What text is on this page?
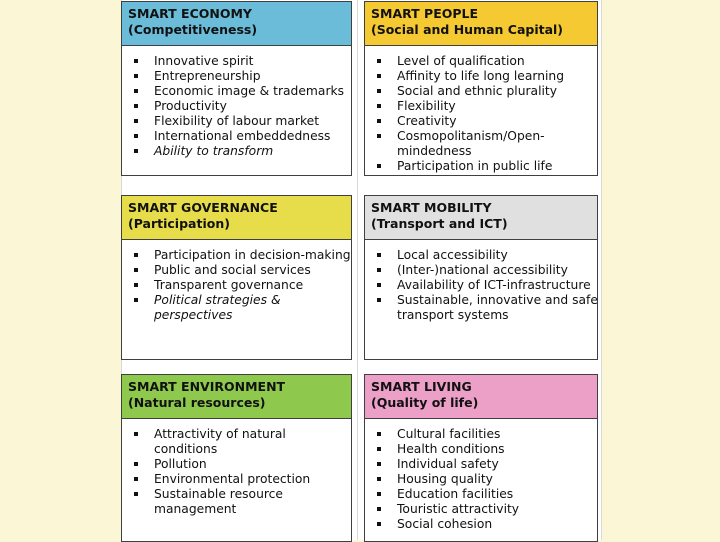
SMART ECONOMY
(Competitiveness)
Innovative spirit
Entrepreneurship
Economic image & trademarks
Productivity
Flexibility of labour market
International embeddedness
Ability to transform
SMART PEOPLE
(Social and Human Capital)
Level of qualification
Affinity to life long learning
Social and ethnic plurality
Flexibility
Creativity
Cosmopolitanism/Open-
mindedness
Participation in public life
SMART GOVERNANCE
(Participation)
Participation in decision-making
Public and social services
Transparent governance
Political strategies &
perspectives
SMART MOBILITY
(Transport and ICT)
Local accessibility
(Inter-)national accessibility
Availability of ICT-infrastructure
Sustainable, innovative and safe
transport systems
SMART ENVIRONMENT
(Natural resources)
Attractivity of natural
conditions
Pollution
Environmental protection
Sustainable resource
management
SMART LIVING
(Quality of life)
Cultural facilities
Health conditions
Individual safety
Housing quality
Education facilities
Touristic attractivity
Social cohesion
